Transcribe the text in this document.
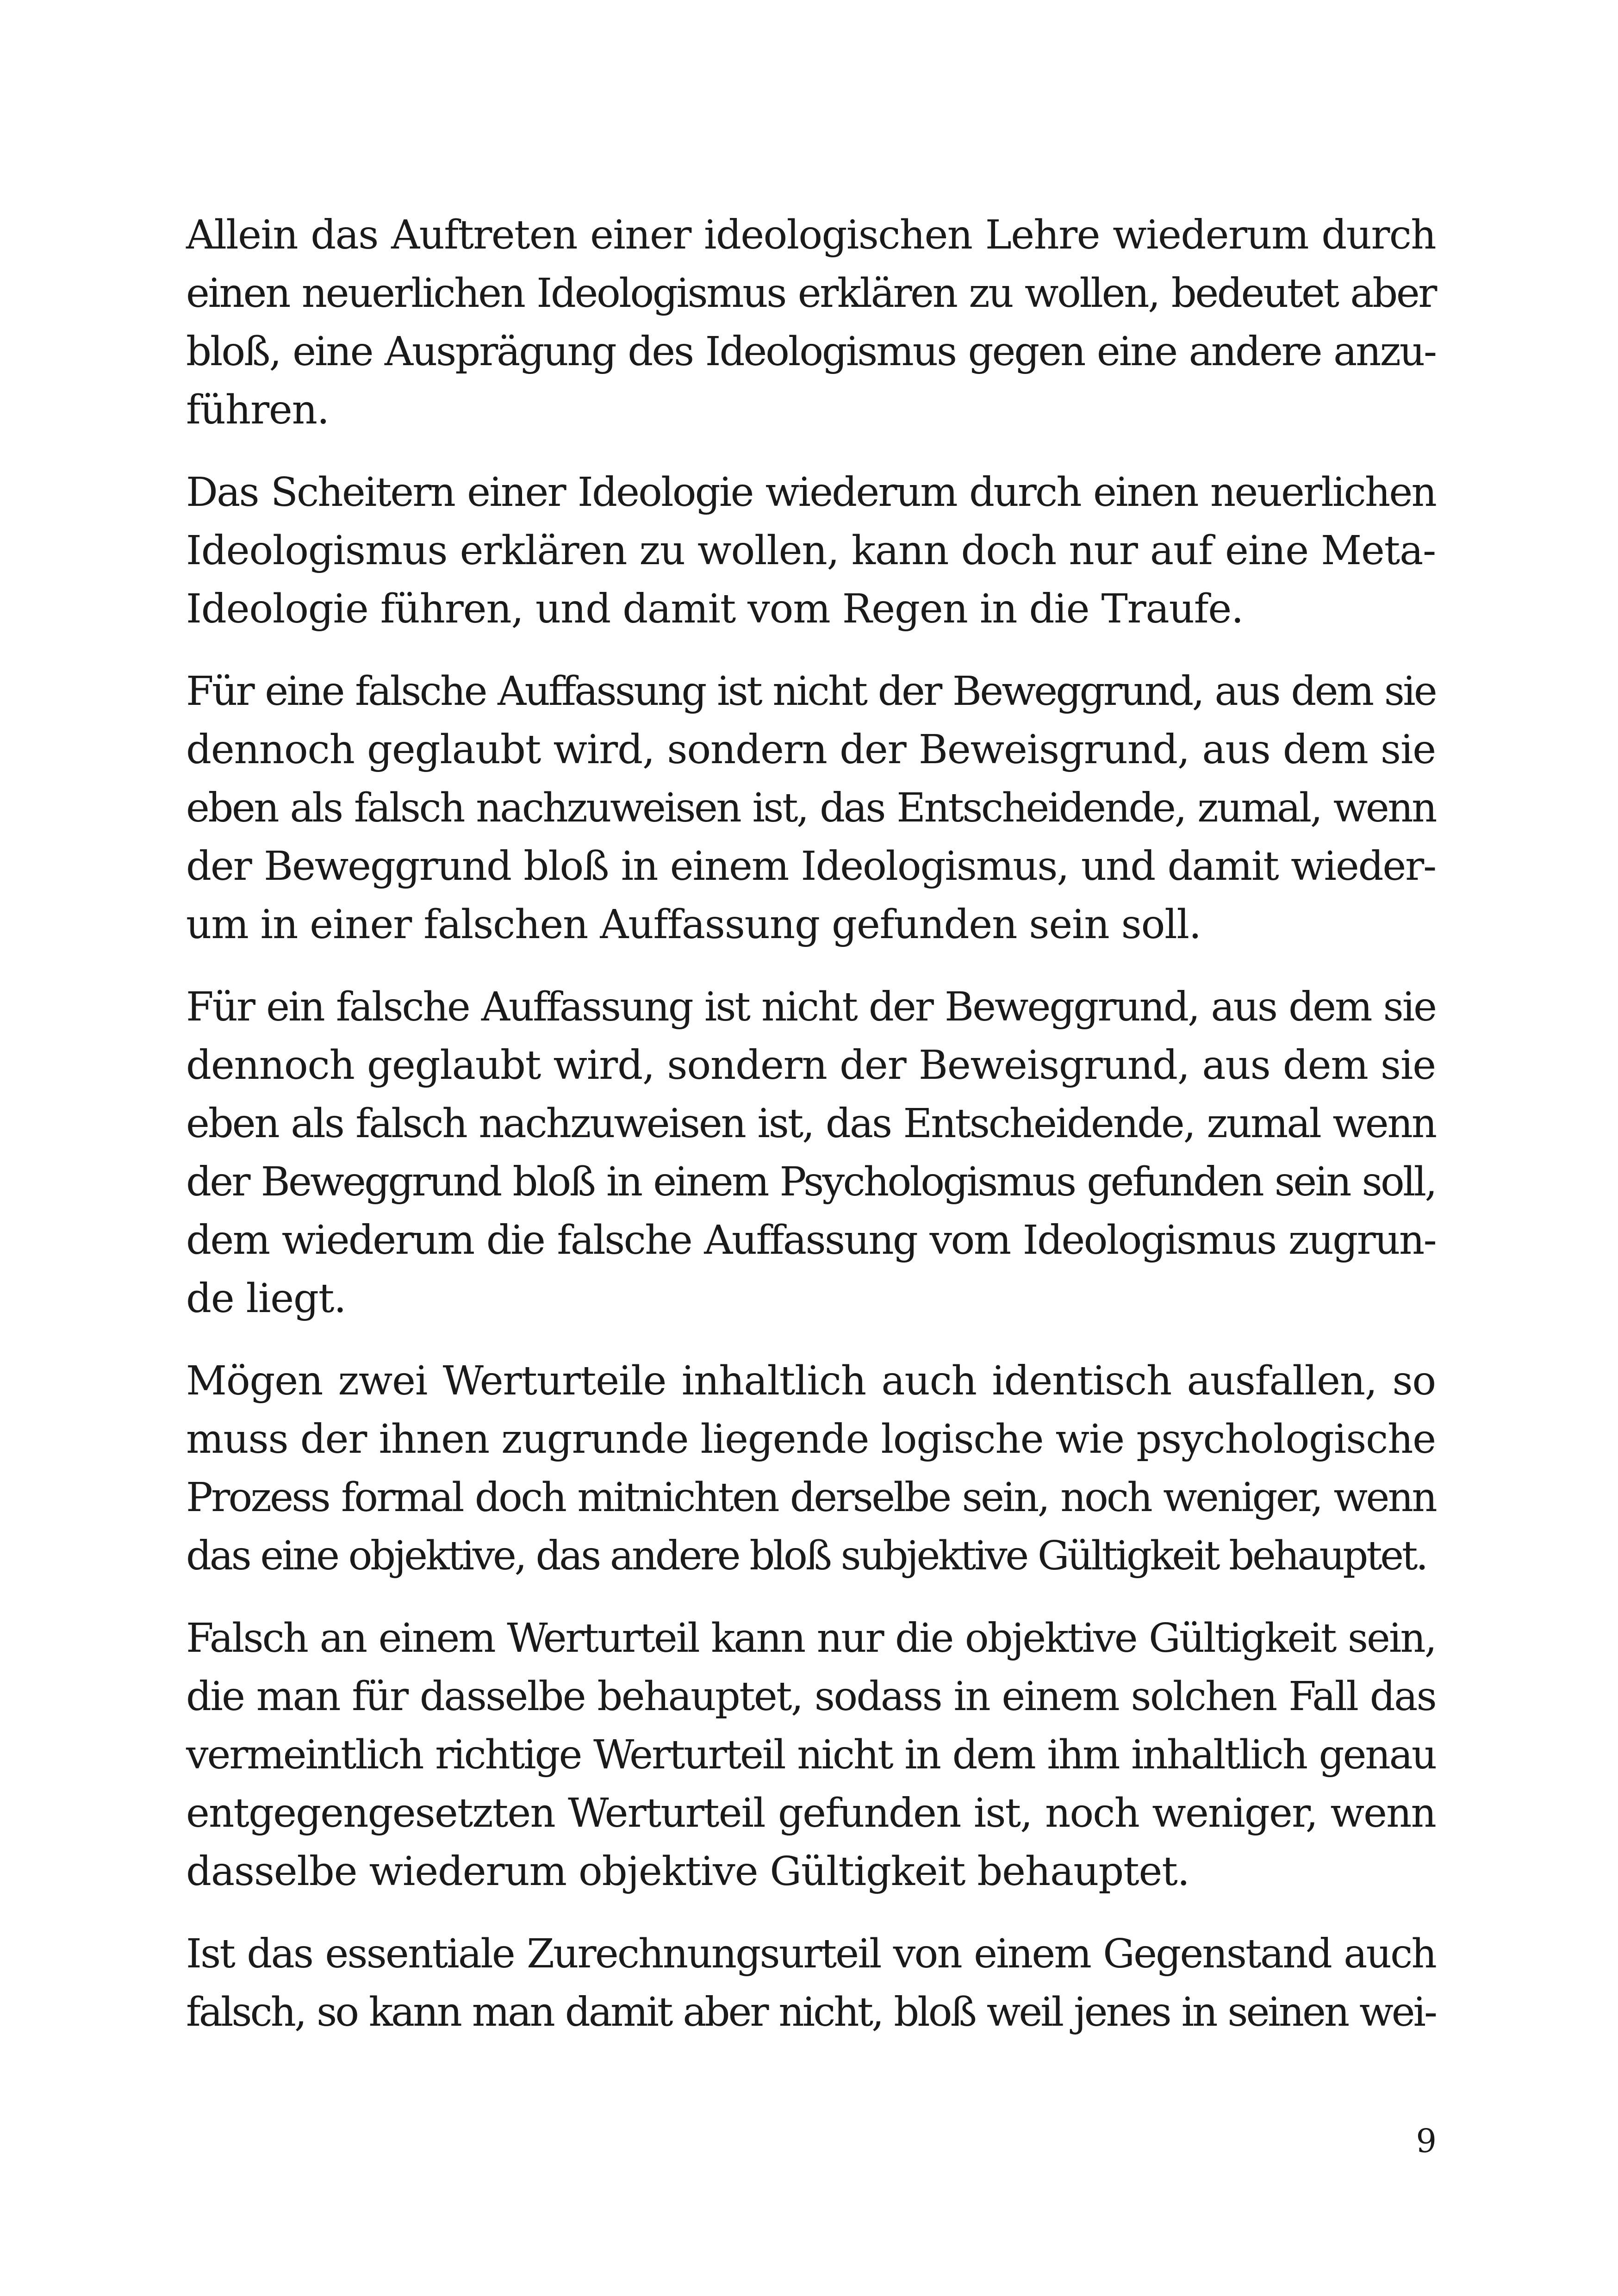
Allein das Auftreten einer ideologischen Lehre wiederum durch
einen neuerlichen Ideologismus erklären zu wollen, bedeutet aber
bloß, eine Ausprägung des Ideologismus gegen eine andere anzu-
führen.

Das Scheitern einer Ideologie wiederum durch einen neuerlichen
Ideologismus erklären zu wollen, kann doch nur auf eine Meta-
Ideologie führen, und damit vom Regen in die Traufe.

Für eine falsche Auffassung ist nicht der Beweggrund, aus dem sie
dennoch geglaubt wird, sondern der Beweisgrund, aus dem sie
eben als falsch nachzuweisen ist, das Entscheidende, zumal, wenn
der Beweggrund bloß in einem Ideologismus, und damit wieder-
um in einer falschen Auffassung gefunden sein soll.

Für ein falsche Auffassung ist nicht der Beweggrund, aus dem sie
dennoch geglaubt wird, sondern der Beweisgrund, aus dem sie
eben als falsch nachzuweisen ist, das Entscheidende, zumal wenn
der Beweggrund bloß in einem Psychologismus gefunden sein soll,
dem wiederum die falsche Auffassung vom Ideologismus zugrun-
de liegt.

Mögen zwei Werturteile inhaltlich auch identisch ausfallen, so
muss der ihnen zugrunde liegende logische wie psychologische
Prozess formal doch mitnichten derselbe sein, noch weniger, wenn
das eine objektive, das andere bloß subjektive Gültigkeit behauptet.

Falsch an einem Werturteil kann nur die objektive Gültigkeit sein,
die man für dasselbe behauptet, sodass in einem solchen Fall das
vermeintlich richtige Werturteil nicht in dem ihm inhaltlich genau
entgegengesetzten Werturteil gefunden ist, noch weniger, wenn
dasselbe wiederum objektive Gültigkeit behauptet.

Ist das essentiale Zurechnungsurteil von einem Gegenstand auch
falsch, so kann man damit aber nicht, bloß weil jenes in seinen wei-

9
